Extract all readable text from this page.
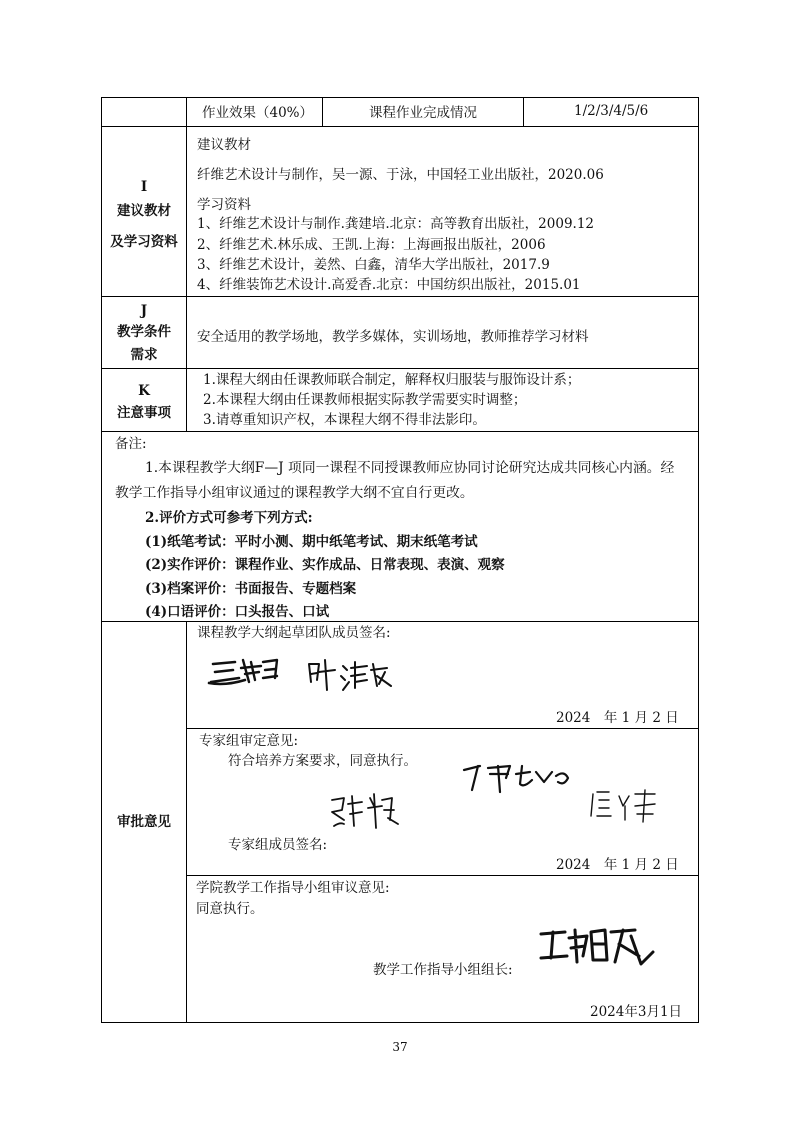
作业效果（40%）	课程作业完成情况	1/2/3/4/5/6
I
建议教材
及学习资料
建议教材
纤维艺术设计与制作，吴一源、于泳，中国轻工业出版社，2020.06
学习资料
1、纤维艺术设计与制作.龚建培.北京：高等教育出版社，2009.12
2、纤维艺术.林乐成、王凯.上海：上海画报出版社，2006
3、纤维艺术设计，姜然、白鑫，清华大学出版社，2017.9
4、纤维装饰艺术设计.高爱香.北京：中国纺织出版社，2015.01
J
教学条件
需求
安全适用的教学场地，教学多媒体，实训场地，教师推荐学习材料
K
注意事项
1.课程大纲由任课教师联合制定，解释权归服装与服饰设计系；
2.本课程大纲由任课教师根据实际教学需要实时调整；
3.请尊重知识产权，本课程大纲不得非法影印。
备注:
1.本课程教学大纲F—J 项同一课程不同授课教师应协同讨论研究达成共同核心内涵。经
教学工作指导小组审议通过的课程教学大纲不宜自行更改。
2.评价方式可参考下列方式:
(1)纸笔考试：平时小测、期中纸笔考试、期末纸笔考试
(2)实作评价：课程作业、实作成品、日常表现、表演、观察
(3)档案评价：书面报告、专题档案
(4)口语评价：口头报告、口试
审批意见
课程教学大纲起草团队成员签名:
2024　年 1 月 2 日
专家组审定意见:
符合培养方案要求，同意执行。
专家组成员签名:
2024　年 1 月 2 日
学院教学工作指导小组审议意见:
同意执行。
教学工作指导小组组长:
2024年3月1日
37
